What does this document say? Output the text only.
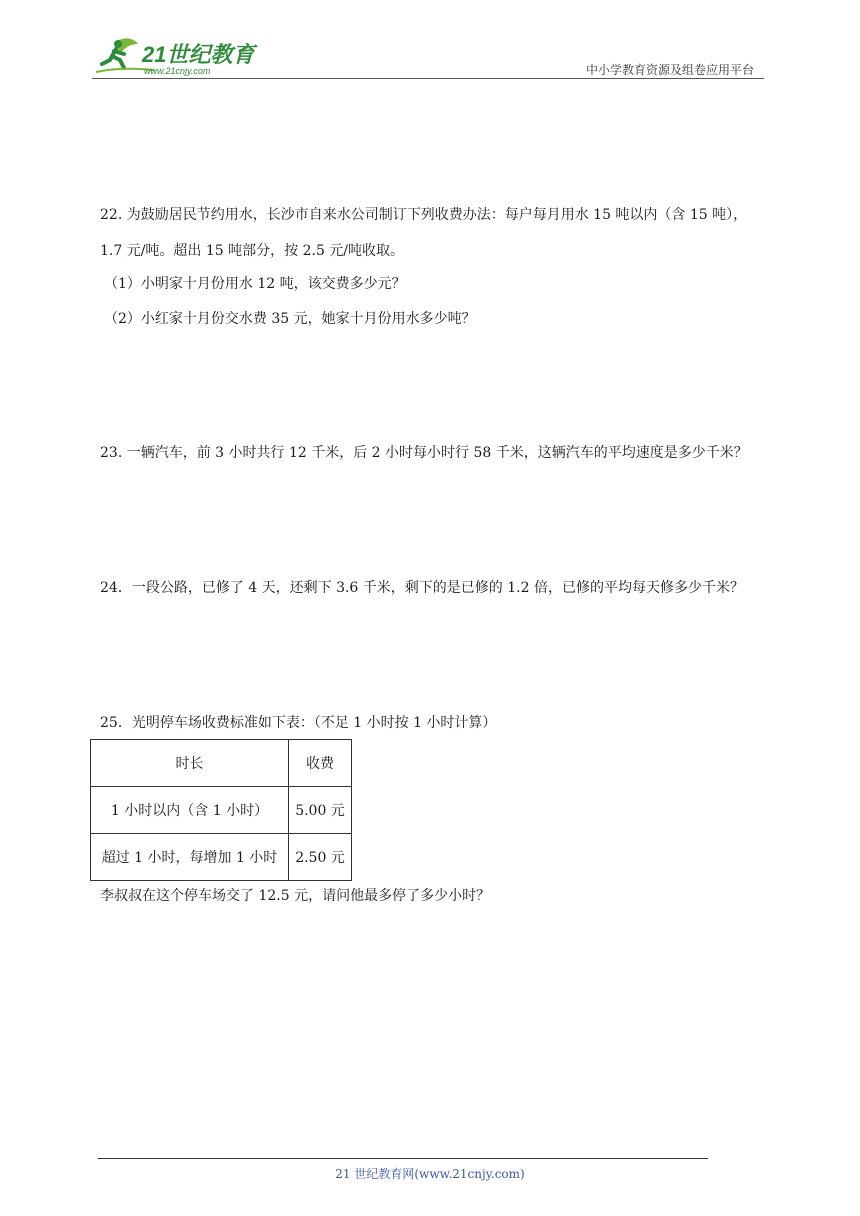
21世纪教育
www.21cnjy.com	中小学教育资源及组卷应用平台
22. 为鼓励居民节约用水，长沙市自来水公司制订下列收费办法：每户每月用水 15 吨以内（含 15 吨），
1.7 元/吨。超出 15 吨部分，按 2.5 元/吨收取。
（1）小明家十月份用水 12 吨，该交费多少元？
（2）小红家十月份交水费 35 元，她家十月份用水多少吨？
23. 一辆汽车，前 3 小时共行 12 千米，后 2 小时每小时行 58 千米，这辆汽车的平均速度是多少千米？
24．一段公路，已修了 4 天，还剩下 3.6 千米，剩下的是已修的 1.2 倍，已修的平均每天修多少千米？
25．光明停车场收费标准如下表：（不足 1 小时按 1 小时计算）
时长	收费
1 小时以内（含 1 小时）	5.00 元
超过 1 小时，每增加 1 小时	2.50 元
李叔叔在这个停车场交了 12.5 元，请问他最多停了多少小时？
21 世纪教育网(www.21cnjy.com)
